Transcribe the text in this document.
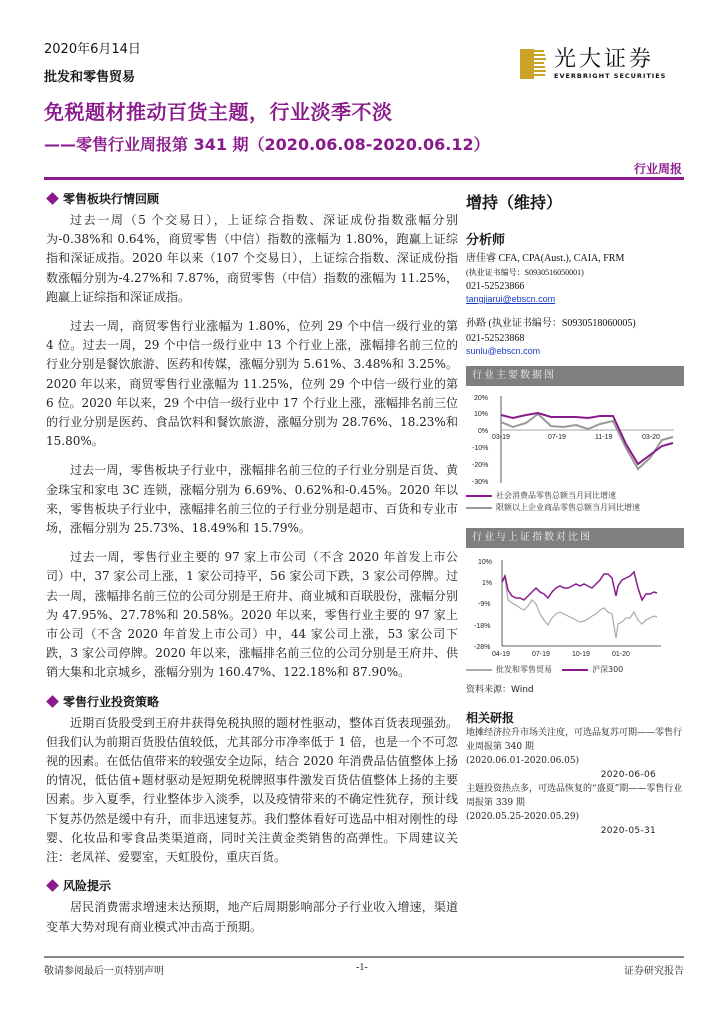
2020年6月14日
批发和零售贸易
免税题材推动百货主题，行业淡季不淡
——零售行业周报第 341 期（2020.06.08-2020.06.12）
行业周报
光大证券
EVERBRIGHT SECURITIES
零售板块行情回顾

过去一周（5 个交易日），上证综合指数、深证成份指数涨幅分别为-0.38%和 0.64%，商贸零售（中信）指数的涨幅为 1.80%，跑赢上证综指和深证成指。2020 年以来（107 个交易日），上证综合指数、深证成份指数涨幅分别为-4.27%和 7.87%，商贸零售（中信）指数的涨幅为 11.25%，跑赢上证综指和深证成指。

过去一周，商贸零售行业涨幅为 1.80%，位列 29 个中信一级行业的第 4 位。过去一周，29 个中信一级行业中 13 个行业上涨，涨幅排名前三位的行业分别是餐饮旅游、医药和传媒，涨幅分别为 5.61%、3.48%和 3.25%。2020 年以来，商贸零售行业涨幅为 11.25%，位列 29 个中信一级行业的第 6 位。2020 年以来，29 个中信一级行业中 17 个行业上涨，涨幅排名前三位的行业分别是医药、食品饮料和餐饮旅游，涨幅分别为 28.76%、18.23%和 15.80%。

过去一周，零售板块子行业中，涨幅排名前三位的子行业分别是百货、黄金珠宝和家电 3C 连锁，涨幅分别为 6.69%、0.62%和-0.45%。2020 年以来，零售板块子行业中，涨幅排名前三位的子行业分别是超市、百货和专业市场，涨幅分别为 25.73%、18.49%和 15.79%。

过去一周，零售行业主要的 97 家上市公司（不含 2020 年首发上市公司）中，37 家公司上涨，1 家公司持平，56 家公司下跌，3 家公司停牌。过去一周，涨幅排名前三位的公司分别是王府井、商业城和百联股份，涨幅分别为 47.95%、27.78%和 20.58%。2020 年以来，零售行业主要的 97 家上市公司（不含 2020 年首发上市公司）中，44 家公司上涨，53 家公司下跌，3 家公司停牌。2020 年以来，涨幅排名前三位的公司分别是王府井、供销大集和北京城乡，涨幅分别为 160.47%、122.18%和 87.90%。

零售行业投资策略

近期百货股受到王府井获得免税执照的题材性驱动，整体百货表现强劲。但我们认为前期百货股估值较低，尤其部分市净率低于 1 倍，也是一个不可忽视的因素。在低估值带来的较强安全边际，结合 2020 年消费品估值整体上扬的情况，低估值+题材驱动是短期免税牌照事件激发百货估值整体上扬的主要因素。步入夏季，行业整体步入淡季，以及疫情带来的不确定性犹存，预计线下复苏仍然是缓中有升，而非迅速复苏。我们整体看好可选品中相对刚性的母婴、化妆品和零食品类渠道商，同时关注黄金类销售的高弹性。下周建议关注：老凤祥、爱婴室，天虹股份，重庆百货。

风险提示

居民消费需求增速未达预期，地产后周期影响部分子行业收入增速，渠道变革大势对现有商业模式冲击高于预期。

增持（维持）
分析师
唐佳睿 CFA, CPA(Aust.), CAIA, FRM
(执业证书编号：S0930516050001)
021-52523866
tangjiarui@ebscn.com
孙路 (执业证书编号：S0930518060005)
021-52523868
sunlu@ebscn.com
行业主要数据图
20%
10%
0%
-10%
-20%
-30%
03-19	07-19	11-19	03-20
社会消费品零售总额当月同比增速
限额以上企业商品零售总额当月同比增速
行业与上证指数对比图
10%
1%
-9%
-18%
-28%
04-19	07-19	10-19	01-20
批发和零售贸易	沪深300
资料来源：Wind
相关研报
地摊经济拉升市场关注度，可选品复苏可期——零售行业周报第 340 期
(2020.06.01-2020.06.05)
2020-06-06
主题投资热点多，可选品恢复的“盛夏”期——零售行业周报第 339 期
(2020.05.25-2020.05.29)
2020-05-31
敬请参阅最后一页特别声明	-1-	证券研究报告
